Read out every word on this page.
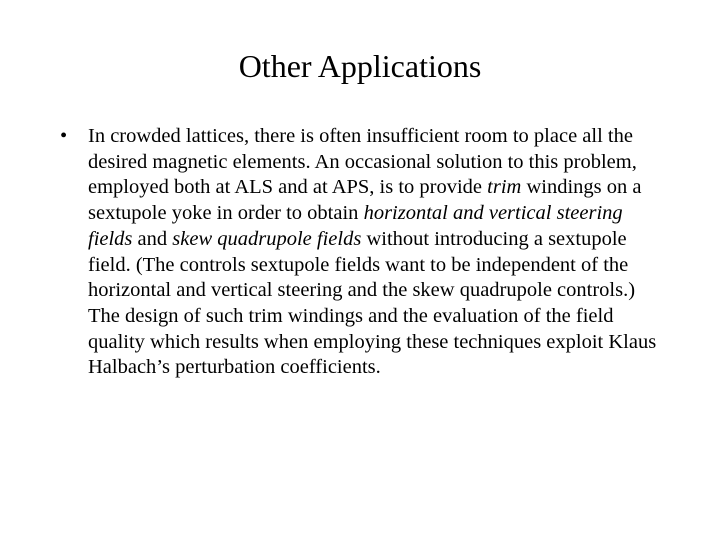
Other Applications
•	In crowded lattices, there is often insufficient room to place all the desired magnetic elements. An occasional solution to this problem, employed both at ALS and at APS, is to provide trim windings on a sextupole yoke in order to obtain horizontal and vertical steering fields and skew quadrupole fields without introducing a sextupole field. (The controls sextupole fields want to be independent of the horizontal and vertical steering and the skew quadrupole controls.) The design of such trim windings and the evaluation of the field quality which results when employing these techniques exploit Klaus Halbach’s perturbation coefficients.
